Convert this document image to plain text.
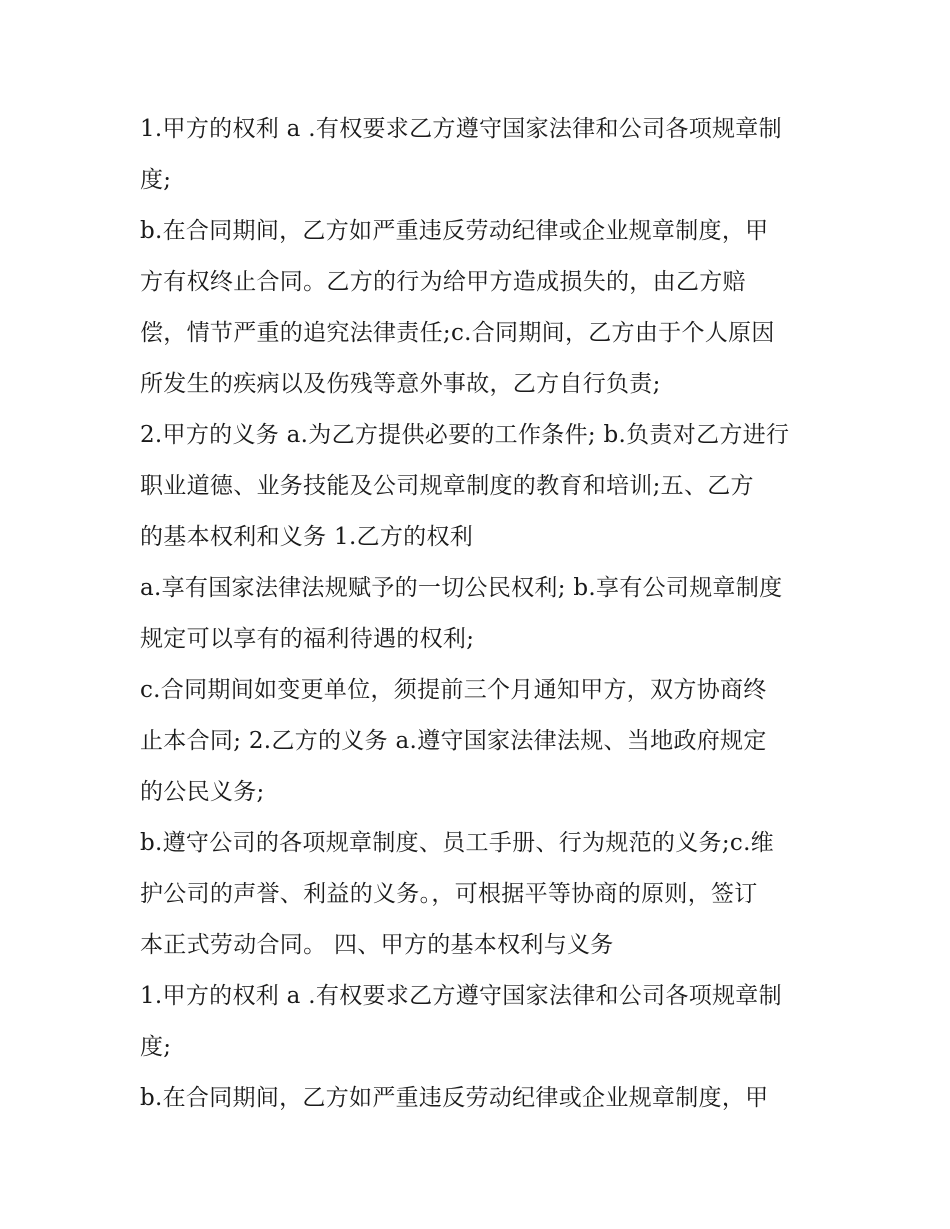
1.甲方的权利 a .有权要求乙方遵守国家法律和公司各项规章制
度;
b.在合同期间，乙方如严重违反劳动纪律或企业规章制度，甲
方有权终止合同。乙方的行为给甲方造成损失的，由乙方赔
偿，情节严重的追究法律责任;c.合同期间，乙方由于个人原因
所发生的疾病以及伤残等意外事故，乙方自行负责;
2.甲方的义务 a.为乙方提供必要的工作条件; b.负责对乙方进行
职业道德、业务技能及公司规章制度的教育和培训;五、乙方
的基本权利和义务 1.乙方的权利
a.享有国家法律法规赋予的一切公民权利; b.享有公司规章制度
规定可以享有的福利待遇的权利;
c.合同期间如变更单位，须提前三个月通知甲方，双方协商终
止本合同; 2.乙方的义务 a.遵守国家法律法规、当地政府规定
的公民义务;
b.遵守公司的各项规章制度、员工手册、行为规范的义务;c.维
护公司的声誉、利益的义务。，可根据平等协商的原则，签订
本正式劳动合同。 四、甲方的基本权利与义务
1.甲方的权利 a .有权要求乙方遵守国家法律和公司各项规章制
度;
b.在合同期间，乙方如严重违反劳动纪律或企业规章制度，甲
